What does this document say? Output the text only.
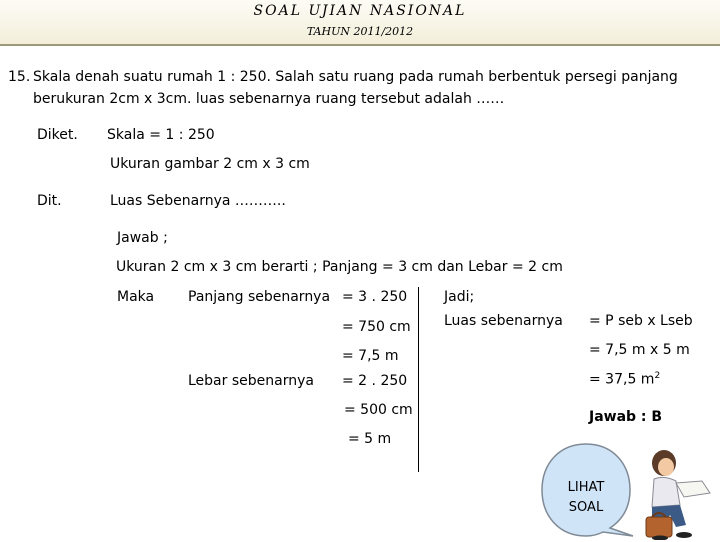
SOAL UJIAN NASIONAL
TAHUN 2011/2012
15. Skala denah suatu rumah 1 : 250. Salah satu ruang pada rumah berbentuk persegi panjang
berukuran 2cm x 3cm. luas sebenarnya ruang tersebut adalah ……
Diket. Skala = 1 : 250
Ukuran gambar 2 cm x 3 cm
Dit.	Luas Sebenarnya ………..
Jawab ;
Ukuran 2 cm x 3 cm berarti ; Panjang = 3 cm dan Lebar = 2 cm
Maka Panjang sebenarnya = 3 . 250
= 750 cm
= 7,5 m
Lebar sebenarnya = 2 . 250
= 500 cm
= 5 m
Jadi;
Luas sebenarnya = P seb x Lseb
= 7,5 m x 5 m
= 37,5 $m^2$
Jawab : B
LIHAT
SOAL
